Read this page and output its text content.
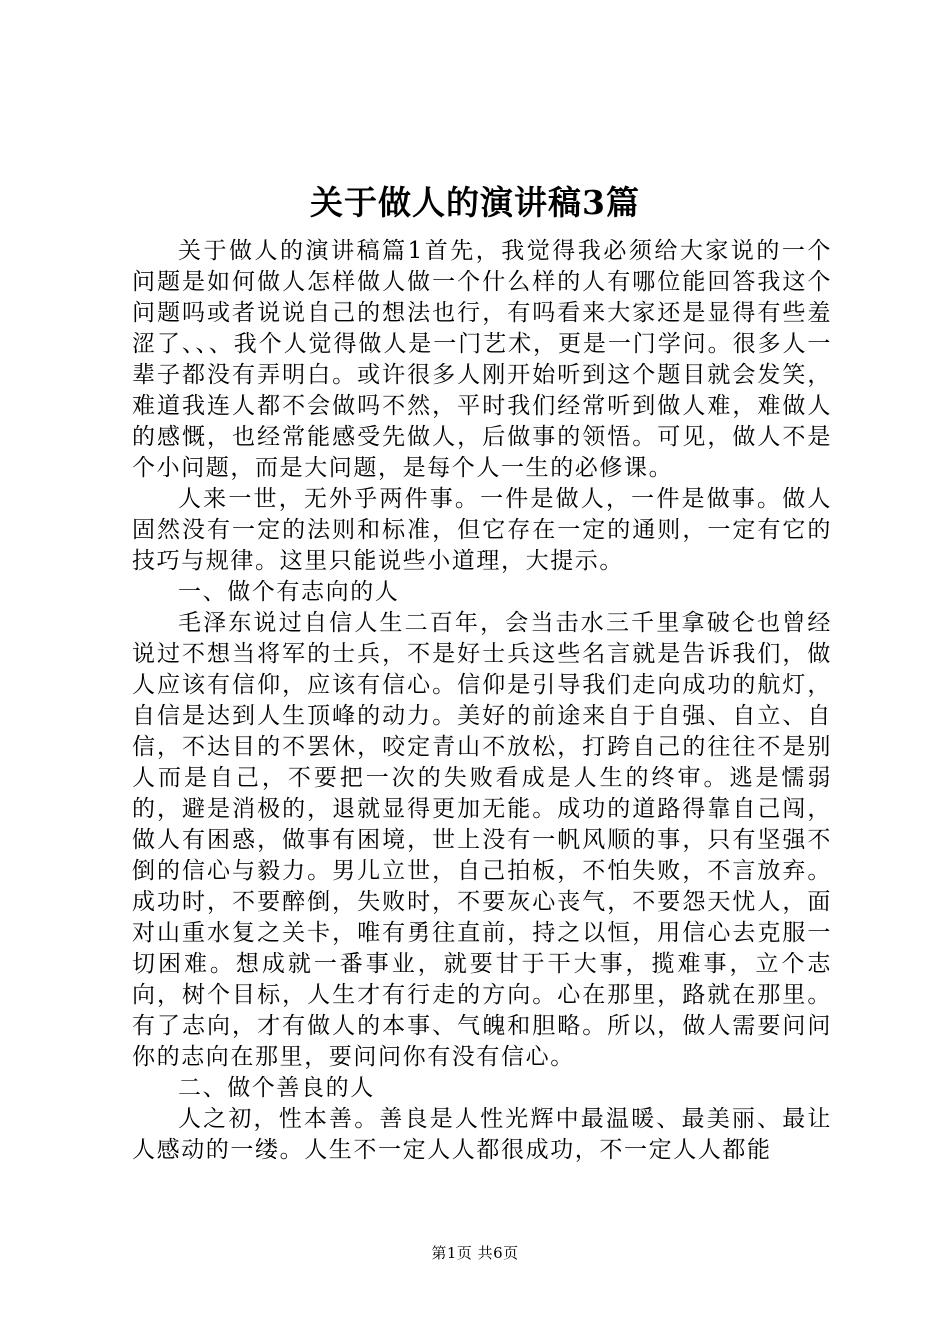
关于做人的演讲稿3篇

关于做人的演讲稿篇1首先，我觉得我必须给大家说的一个问题是如何做人怎样做人做一个什么样的人有哪位能回答我这个问题吗或者说说自己的想法也行，有吗看来大家还是显得有些羞涩了、、、我个人觉得做人是一门艺术，更是一门学问。很多人一辈子都没有弄明白。或许很多人刚开始听到这个题目就会发笑，难道我连人都不会做吗不然，平时我们经常听到做人难，难做人的感慨，也经常能感受先做人，后做事的领悟。可见，做人不是个小问题，而是大问题，是每个人一生的必修课。

人来一世，无外乎两件事。一件是做人，一件是做事。做人固然没有一定的法则和标准，但它存在一定的通则，一定有它的技巧与规律。这里只能说些小道理，大提示。

一、做个有志向的人

毛泽东说过自信人生二百年，会当击水三千里拿破仑也曾经说过不想当将军的士兵，不是好士兵这些名言就是告诉我们，做人应该有信仰，应该有信心。信仰是引导我们走向成功的航灯，自信是达到人生顶峰的动力。美好的前途来自于自强、自立、自信，不达目的不罢休，咬定青山不放松，打跨自己的往往不是别人而是自己，不要把一次的失败看成是人生的终审。逃是懦弱的，避是消极的，退就显得更加无能。成功的道路得靠自己闯，做人有困惑，做事有困境，世上没有一帆风顺的事，只有坚强不倒的信心与毅力。男儿立世，自己拍板，不怕失败，不言放弃。成功时，不要醉倒，失败时，不要灰心丧气，不要怨天忧人，面对山重水复之关卡，唯有勇往直前，持之以恒，用信心去克服一切困难。想成就一番事业，就要甘于干大事，揽难事，立个志向，树个目标，人生才有行走的方向。心在那里，路就在那里。有了志向，才有做人的本事、气魄和胆略。所以，做人需要问问你的志向在那里，要问问你有没有信心。

二、做个善良的人

人之初，性本善。善良是人性光辉中最温暖、最美丽、最让人感动的一缕。人生不一定人人都很成功，不一定人人都能

第1页 共6页
